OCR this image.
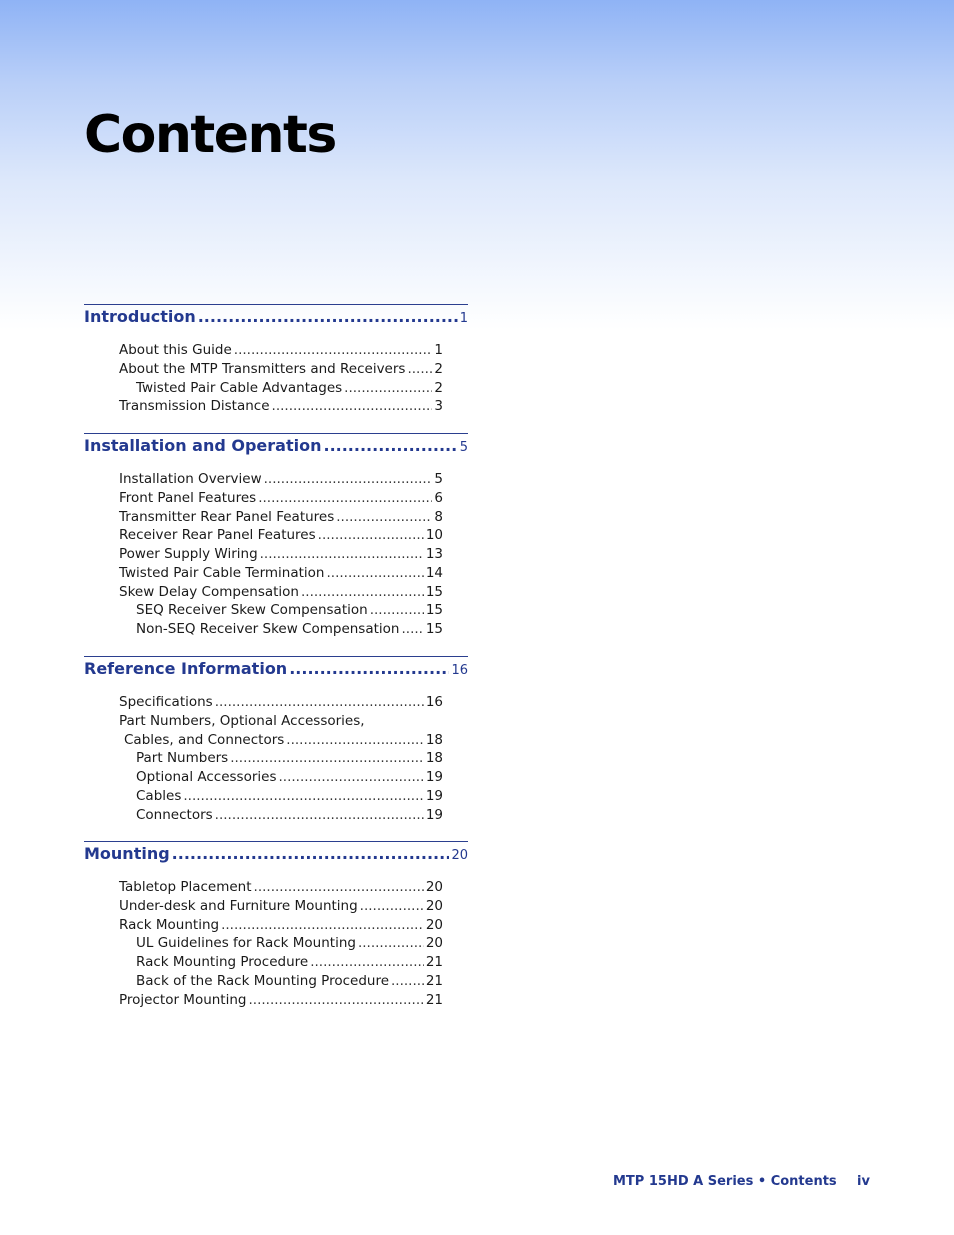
Contents
Introduction .....	1
About this Guide .....	1
About the MTP Transmitters and Receivers ..... 2
Twisted Pair Cable Advantages .....	2
Transmission Distance .....	3
Installation and Operation .....	5
Installation Overview .....	5
Front Panel Features .....	6
Transmitter Rear Panel Features .....	8
Receiver Rear Panel Features .....	10
Power Supply Wiring .....	13
Twisted Pair Cable Termination .....	14
Skew Delay Compensation .....	15
SEQ Receiver Skew Compensation .....	15
Non-SEQ Receiver Skew Compensation ..... 15
Reference Information .....	16
Specifications .....	16
Part Numbers, Optional Accessories,
Cables, and Connectors .....	18
Part Numbers .....	18
Optional Accessories .....	19
Cables .....	19
Connectors .....	19
Mounting .....	20
Tabletop Placement .....	20
Under-desk and Furniture Mounting .....	20
Rack Mounting .....	20
UL Guidelines for Rack Mounting .....	20
Rack Mounting Procedure .....	21
Back of the Rack Mounting Procedure .....	21
Projector Mounting .....	21
MTP 15HD A Series • Contents iv
